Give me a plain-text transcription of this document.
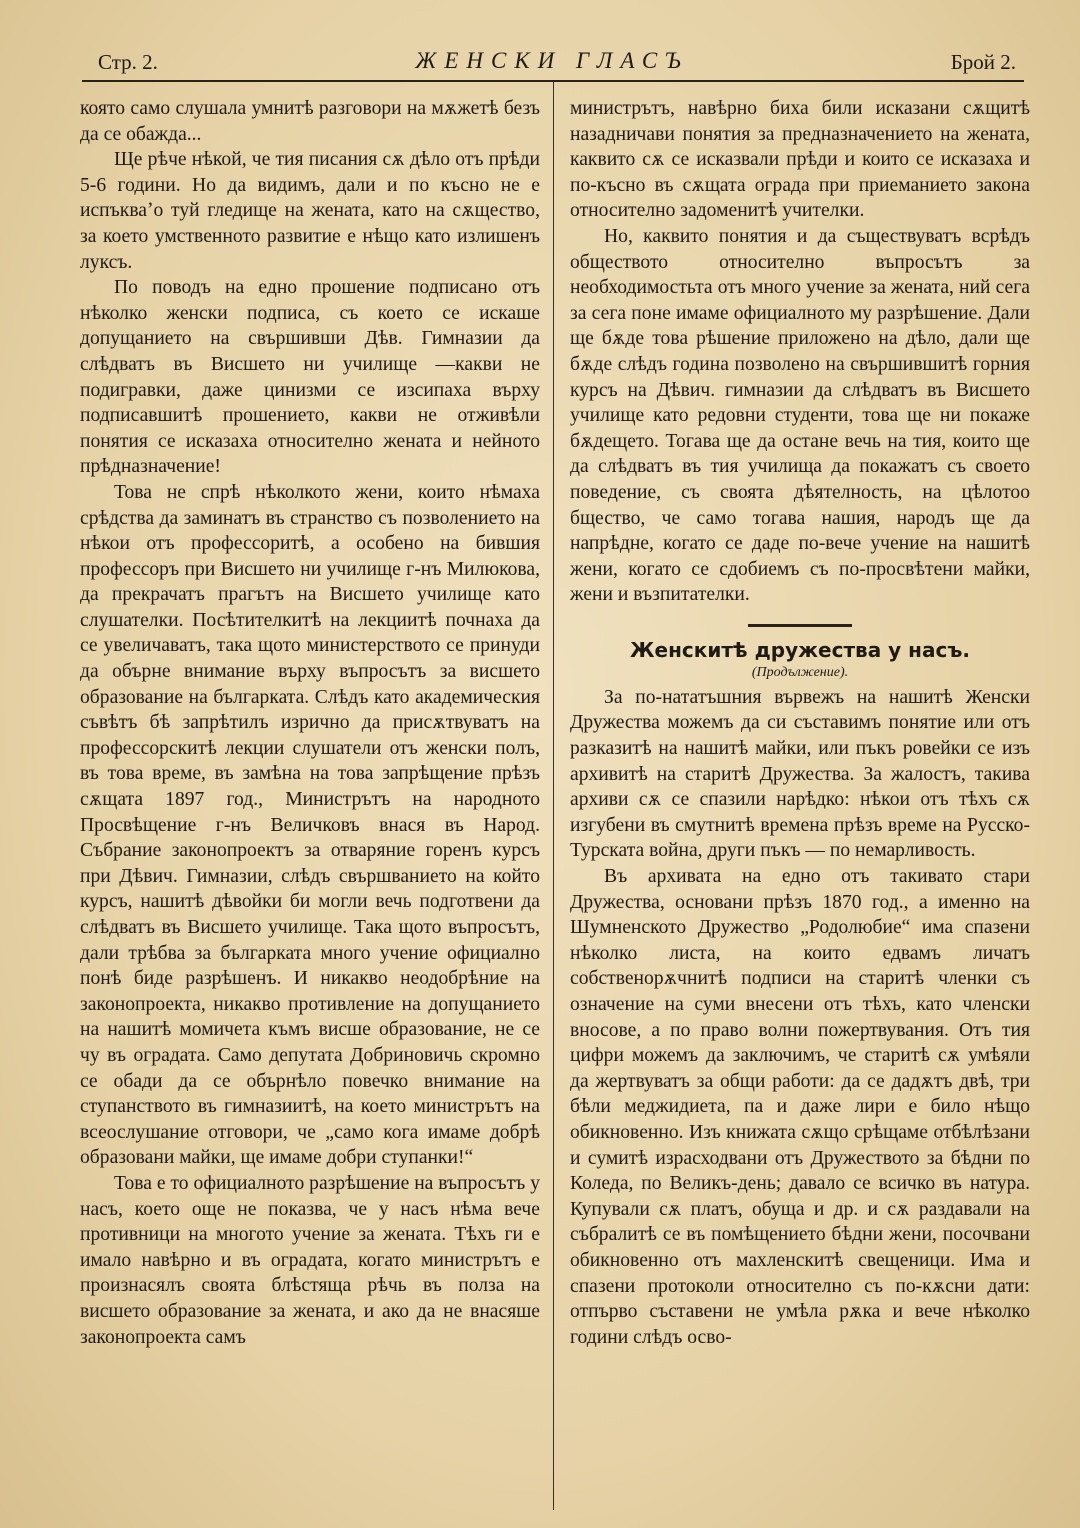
Стр. 2.	ЖЕНСКИ ГЛАСЪ	Брой 2.

която само слушала умнитѣ разговори на мѫжетѣ безъ да се обажда...

Ще рѣче нѣкой, че тия писания сѫ дѣло отъ прѣди 5-6 години. Но да видимъ, дали и по късно не е испъкваʼо туй гледище на жената, като на сѫщество, за което умственното развитие е нѣщо като излишенъ луксъ.

По поводъ на едно прошение подписано отъ нѣколко женски подписа, съ което се искаше допущанието на свършивши Дѣв. Гимназии да слѣдватъ въ Висшето ни училище —какви не подигравки, даже цинизми се изсипаха върху подписавшитѣ прошението, какви не отживѣли понятия се исказаха относително жената и нейното прѣдназначение!

Това не спрѣ нѣколкото жени, които нѣмаха срѣдства да заминатъ въ странство съ позволението на нѣкои отъ профессоритѣ, а особено на бившия профессоръ при Висшето ни училище г-нъ Милюкова, да прекрачатъ прагътъ на Висшето училище като слушателки. Посѣтителкитѣ на лекциитѣ почнаха да се увеличаватъ, така щото министерството се принуди да обърне внимание върху въпросътъ за висшето образование на българката. Слѣдъ като академическия съвѣтъ бѣ запрѣтилъ изрично да присѫтвуватъ на профессорскитѣ лекции слушатели отъ женски полъ, въ това време, въ замѣна на това запрѣщение прѣзъ сѫщата 1897 год., Министрътъ на народното Просвѣщение г-нъ Величковъ внася въ Народ. Събрание законопроектъ за отваряние горенъ курсъ при Дѣвич. Гимназии, слѣдъ свършванието на който курсъ, нашитѣ дѣвойки би могли вечь подготвени да слѣдватъ въ Висшето училище. Така щото въпросътъ, дали трѣбва за българката много учение официално понѣ биде разрѣшенъ. И никакво неодобрѣние на законопроекта, никакво противление на допущанието на нашитѣ момичета къмъ висше образование, не се чу въ оградата. Само депутата Добриновичь скромно се обади да се обърнѣло повечко внимание на ступанството въ гимназиитѣ, на което министрътъ на всеослушание отговори, че „само кога имаме добрѣ образовани майки, ще имаме добри ступанки!“

Това е то официалното разрѣшение на въпросътъ у насъ, което още не показва, че у насъ нѣма вече противници на многото учение за жената. Тѣхъ ги е имало навѣрно и въ оградата, когато министрътъ е произнасялъ своята блѣстяща рѣчь въ полза на висшето образование за жената, и ако да не внасяше законопроекта самъ

министрътъ, навѣрно биха били исказани сѫщитѣ назадничави понятия за предназначението на жената, каквито сѫ се исказвали прѣди и които се исказаха и по-късно въ сѫщата ограда при приеманието закона относително задоменитѣ учителки.

Но, каквито понятия и да съществуватъ всрѣдъ обществото относително въпросътъ за необходимостьта отъ много учение за жената, ний сега за сега поне имаме официалното му разрѣшение. Дали ще бѫде това рѣшение приложено на дѣло, дали ще бѫде слѣдъ година позволено на свършившитѣ горния курсъ на Дѣвич. гимназии да слѣдватъ въ Висшето училище като редовни студенти, това ще ни покаже бѫдещето. Тогава ще да остане вечь на тия, които ще да слѣдватъ въ тия училища да покажатъ съ своето поведение, съ своята дѣятелность, на цѣлотоо бщество, че само тогава нашия, народъ ще да напрѣдне, когато се даде по-вече учение на нашитѣ жени, когато се сдобиемъ съ по-просвѣтени майки, жени и възпитателки.

Женскитѣ дружества у насъ.
(Продължение).

За по-нататъшния вървежъ на нашитѣ Женски Дружества можемъ да си съставимъ понятие или отъ разказитѣ на нашитѣ майки, или пъкъ ровейки се изъ архивитѣ на старитѣ Дружества. За жалостъ, такива архиви сѫ се спазили нарѣдко: нѣкои отъ тѣхъ сѫ изгубени въ смутнитѣ времена прѣзъ време на Русско-Турската война, други пъкъ — по немарливость.

Въ архивата на едно отъ такивато стари Дружества, основани прѣзъ 1870 год., а именно на Шумненското Дружество „Родолюбие“ има спазени нѣколко листа, на които едвамъ личатъ собственорѫчнитѣ подписи на старитѣ членки съ означение на суми внесени отъ тѣхъ, като членски вносове, а по право волни пожертвувания. Отъ тия цифри можемъ да заключимъ, че старитѣ сѫ умѣяли да жертвуватъ за общи работи: да се дадѫтъ двѣ, три бѣли меджидиета, па и даже лири е било нѣщо обикновенно. Изъ книжата сѫщо срѣщаме отбѣлѣзани и сумитѣ израсходвани отъ Дружеството за бѣдни по Коледа, по Великъ-день; давало се всичко въ натура. Купували сѫ платъ, обуща и др. и сѫ раздавали на събралитѣ се въ помѣщението бѣдни жени, посочвани обикновенно отъ махленскитѣ свещеници. Има и спазени протоколи относително съ по-кѫсни дати: отпърво съставени не умѣла рѫка и вече нѣколко години слѣдъ осво-
